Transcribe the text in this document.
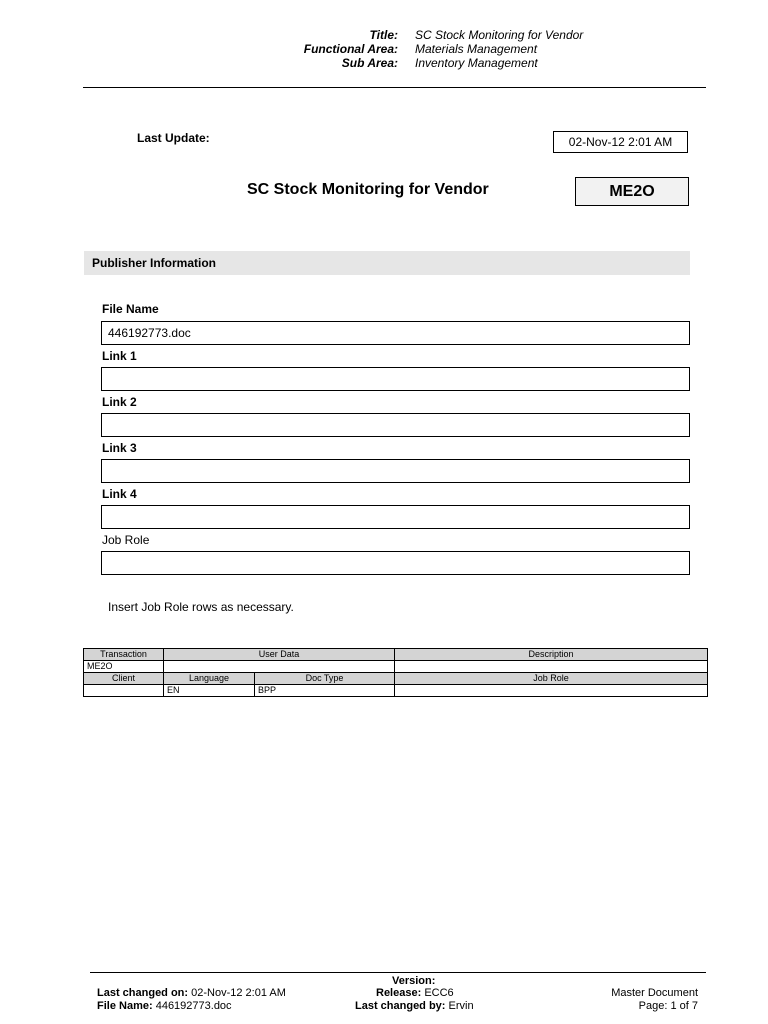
Title: SC Stock Monitoring for Vendor
Functional Area: Materials Management
Sub Area: Inventory Management
Last Update:	02-Nov-12 2:01 AM
SC Stock Monitoring for Vendor	ME2O
Publisher Information
File Name
446192773.doc
Link 1
Link 2
Link 3
Link 4
Job Role
Insert Job Role rows as necessary.
Transaction	User Data		Description
ME2O			
Client	Language	Doc Type	Job Role
	EN	BPP	
Last changed on: 02-Nov-12 2:01 AM
File Name: 446192773.doc
Version:
Release: ECC6
Last changed by: Ervin
Master Document
Page: 1 of 7
